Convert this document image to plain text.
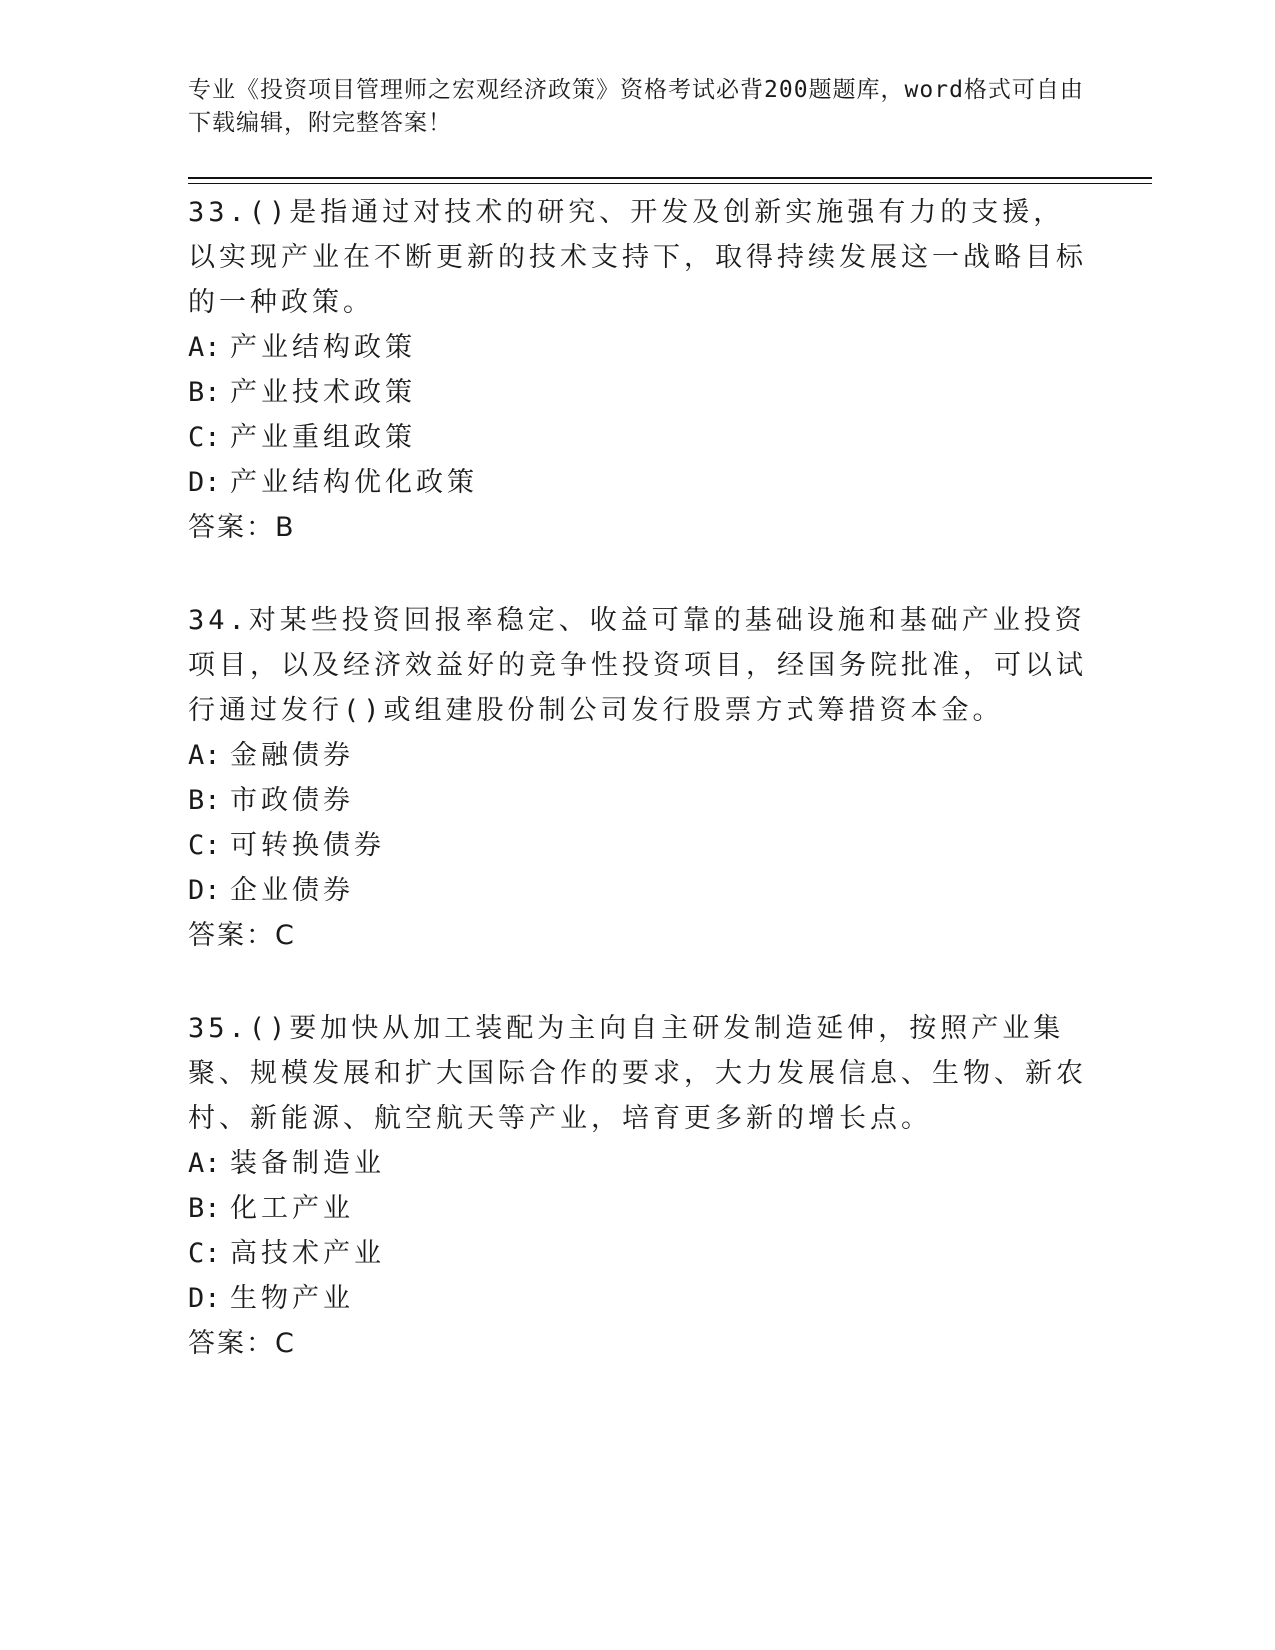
专业《投资项目管理师之宏观经济政策》资格考试必背200题题库，word格式可自由下载编辑，附完整答案！
33.()是指通过对技术的研究、开发及创新实施强有力的支援，以实现产业在不断更新的技术支持下，取得持续发展这一战略目标的一种政策。
A: 产业结构政策
B: 产业技术政策
C: 产业重组政策
D: 产业结构优化政策
答案：B
34.对某些投资回报率稳定、收益可靠的基础设施和基础产业投资项目，以及经济效益好的竞争性投资项目，经国务院批准，可以试行通过发行()或组建股份制公司发行股票方式筹措资本金。
A: 金融债券
B: 市政债券
C: 可转换债券
D: 企业债券
答案：C
35.()要加快从加工装配为主向自主研发制造延伸，按照产业集聚、规模发展和扩大国际合作的要求，大力发展信息、生物、新农村、新能源、航空航天等产业，培育更多新的增长点。
A: 装备制造业
B: 化工产业
C: 高技术产业
D: 生物产业
答案：C
